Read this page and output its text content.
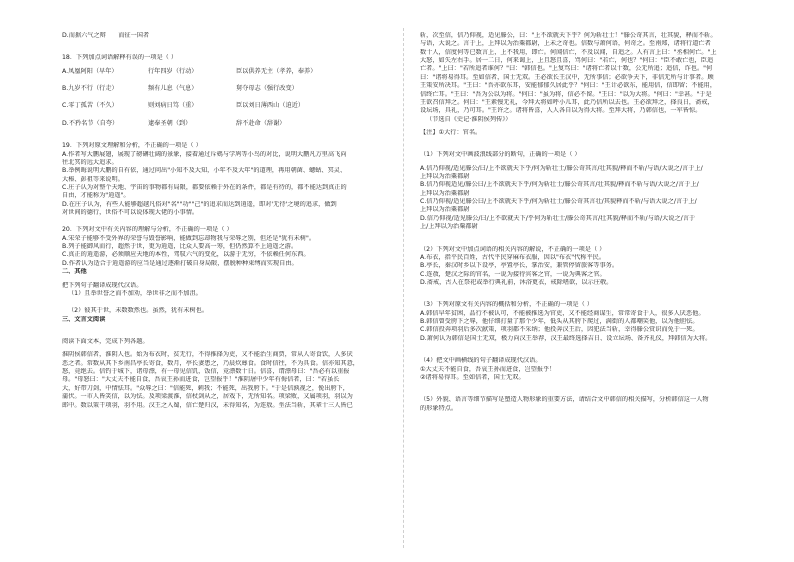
D.而据六气之辩　　而征一国者
18．下列加点词语解释有误的一项是（ ）
A.凤凰阿阳（早年）	行年四岁（行动）	臣以供养无主（孝养，奉养）
B.九岁不行（行走）	频有儿息（气息）	舅夺母志（强行改变）
C.零丁孤苦（不久）	则刘病日笃（重）	臣以刘日薄西山（迫近）
D.不矜名节（自夸）	逮奉圣朝（到）	辞不赴命（辞谢）
19．下列对原文理解和分析，不正确的一项是（ ）
A.作者写大鹏展翅，展现了磅礴壮阔的景象，接着通过斥鴳与学鸠等小鸟的对比，说明大鹏凡万里高飞向
往北冥的远大追求。
B.举例晦说明大鹏的自有依，通过问出"小知不及大知，小年不及大年"的道理，再用朝菌、蟪蛄、冥灵、
大椿、彭祖等来说明。
C.庄子认为对整个天地、宇宙的事物都有局限，都要依赖于外在的条件，都是有待的，都不能达到真正的
自由，才能称为"逍遥"。
D.在庄子认为，有些人能够超越凡俗对"名""功""己"的追求而达到逍遥，即对'无待'之境的追求，做到
对世间的德行，世俗不可以说体现大佬的小事情。
20．下列对文中有关内容的理解与分析，不正确的一项是（ ）
A.宋荣子能够不受外界的荣誉与毁誉影响，能做到忘却物我与荣辱之别，但还是"犹有未树"。
B.列子能御风而行，超然于世，更为逍遥，比众人要高一筹，但仍然算不上逍遥之游。
C.真正的逍遥游，必须顺应天地的本性，驾驭六气的变化，以游于无穷，不依赖任何东西。
D.作者认为适合于逍遥游的应当是通过逐渐打破自身局限，摆脱种种束缚而实现自由。
二、其他
把下列句子翻译成现代汉语。
（1）且举世誉之而不加劝，举世非之而不加沮。
（2）彼其于世，未数数然也。虽然，犹有未树也。
三、文言文阅读
阅读下面文本，完成下列各题。
淮阴侯韩信者，淮阴人也。始为布衣时，贫无行，不得推择为吏，又不能治生商贾，常从人寄食饮，人多厌
恶之者。常数从其下乡南昌亭长寄食，数月，亭长妻患之，乃晨炊蓐食。食时信往，不为具食。信亦知其意，
怒，竟绝去。信钓于城下，诸母漂，有一母见信饥，饭信，竟漂数十日。信喜，谓漂母曰："吾必有以重报
母。"母怒曰："大丈夫不能自食，吾哀王孙而进食，岂望报乎！"淮阴屠中少年有侮信者，曰："若虽长
大，好带刀剑，中情怯耳。"众辱之曰："信能死，刺我；不能死，出我胯下。"于是信孰视之，俛出胯下，
蒲伏。一市人皆笑信，以为怯。及项梁渡淮，信杖剑从之，居戏下，无所知名。项梁败，又属项羽，羽以为
郎中。数以策干项羽，羽不用。汉王之入蜀，信亡楚归汉，未得知名，为连敖。坐法当斩，其辈十三人皆已
斩，次至信，信乃仰视，适见滕公，曰："上不欲就天下乎？何为斩壮士！"滕公奇其言，壮其貌，释而不斩。
与语，大说之。言于上，上拜以为治粟都尉，上未之奇也。信数与萧何语，何奇之。至南郑，诸将行道亡者
数十人，信度何等已数言上，上不我用，即亡。何闻信亡，不及以闻，自追之。人有言上曰："丞相何亡。"上
大怒，如失左右手。居一二日，何来谒上，上且怒且喜，骂何曰："若亡，何也？"何曰："臣不敢亡也，臣追
亡者。"上曰："若所追者谁何？"曰："韩信也。"上复骂曰："诸将亡者以十数，公无所追；追信，诈也。"何
曰："诸将易得耳。至如信者，国士无双。王必欲长王汉中，无所事信；必欲争天下，非信无所与计事者。顾
王策安所决耳。"王曰："吾亦欲东耳，安能郁郁久居此乎？"何曰："王计必欲东，能用信，信即留；不能用，
信终亡耳。"王曰："吾为公以为将。"何曰："虽为将，信必不留。"王曰："以为大将。"何曰："幸甚。"于是
王欲召信拜之。何曰："王素慢无礼，今拜大将如呼小儿耳，此乃信所以去也。王必欲拜之，择良日，斋戒，
设坛场，具礼，乃可耳。"王许之。诸将皆喜，人人各自以为得大将。至拜大将，乃韩信也，一军皆惊。
（节选自《史记·淮阴侯列传》）
【注】①大行：官名。
（1）下列对文中画波浪线部分的断句，正确的一项是（ ）
A.信乃仰视/适见滕公/曰/上不欲就天下乎/何为斩壮士/滕公奇其言/壮其貌/释而不斩/与语/大说之/言于上/
上拜以为治粟都尉
B.信乃仰视适见/滕公曰/上不欲就天下乎/何为斩壮士/滕公奇其言/壮其貌/释而不斩与语/大说之/言于上/
上拜以为治粟都尉
C.信乃仰视/适见滕公曰/上不欲就天下乎/何为斩壮士/滕公奇其言壮/其貌释而不斩/与语大说之/言于上/
上拜以为治粟都尉
D.信乃仰视/适见滕公/曰/上不欲就天下/乎何为斩壮士/滕公奇其言/壮其貌/释而不斩/与语/大说之/言于
上/上拜以为治粟都尉
（2）下列对文中加点词语的相关内容的解说，不正确的一项是（ ）
A.布衣，指平民百姓，古代平民穿麻布衣服，因以"布衣"代称平民。
B.亭长，秦汉时乡以下设亭，亭置亭长，掌治安，兼管停留旅客等事务。
C.连敖，楚汉之际的官名，一说为接待宾客之官，一说为典客之官。
D.斋戒，古人在祭祀或举行典礼前，沐浴更衣，戒除嗜欲，以示庄敬。
（3）下列对原文有关内容的概括和分析，不正确的一项是（ ）
A.韩信早年贫困，品行不被认可，不能被推选为官吏，又不能经商谋生，常常寄食于人，很多人厌恶他。
B.韩信曾受胯下之辱，他仔细打量了那个少年，低头从其胯下爬过，满街的人都嘲笑他，以为他胆怯。
C.韩信投奔项羽后多次献策，项羽都不采纳；他投奔汉王后，因犯法当斩，幸得滕公赏识而免于一死。
D.萧何认为韩信是国士无双，极力向汉王举荐，汉王最终选择吉日、设立坛场、备齐礼仪，拜韩信为大将。
（4）把文中画横线的句子翻译成现代汉语。
①大丈夫不能自食，吾哀王孙而进食，岂望报乎！
②诸将易得耳。至如信者，国士无双。
（5）外貌、语言等细节描写是塑造人物形象的重要方法，请结合文中韩信的相关描写，分析韩信这一人物
的形象特点。
